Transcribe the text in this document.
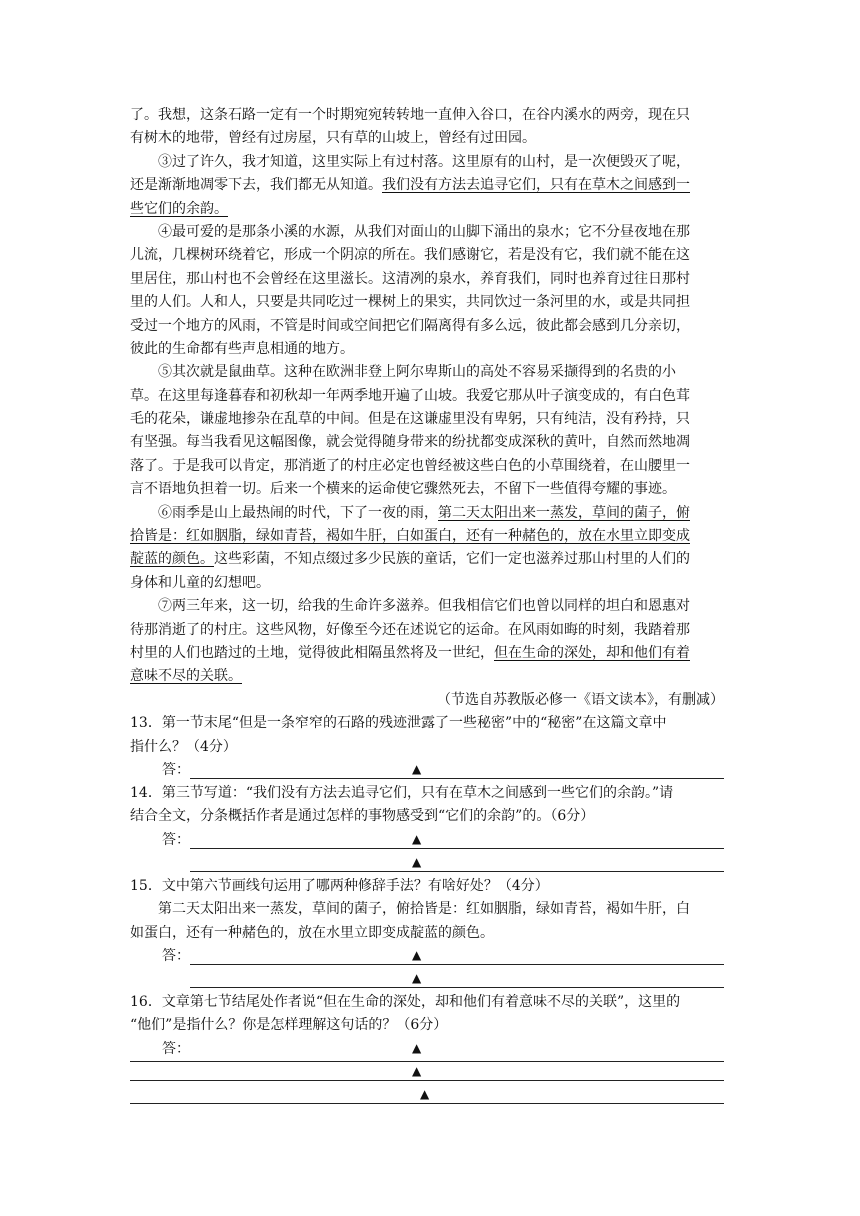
了。我想，这条石路一定有一个时期宛宛转转地一直伸入谷口，在谷内溪水的两旁，现在只
有树木的地带，曾经有过房屋，只有草的山坡上，曾经有过田园。
③过了许久，我才知道，这里实际上有过村落。这里原有的山村，是一次便毁灭了呢，
还是渐渐地凋零下去，我们都无从知道。我们没有方法去追寻它们，只有在草木之间感到一
些它们的余韵。
④最可爱的是那条小溪的水源，从我们对面山的山脚下涌出的泉水；它不分昼夜地在那
儿流，几棵树环绕着它，形成一个阴凉的所在。我们感谢它，若是没有它，我们就不能在这
里居住，那山村也不会曾经在这里滋长。这清冽的泉水，养育我们，同时也养育过往日那村
里的人们。人和人，只要是共同吃过一棵树上的果实，共同饮过一条河里的水，或是共同担
受过一个地方的风雨，不管是时间或空间把它们隔离得有多么远，彼此都会感到几分亲切，
彼此的生命都有些声息相通的地方。
⑤其次就是鼠曲草。这种在欧洲非登上阿尔卑斯山的高处不容易采撷得到的名贵的小
草。在这里每逢暮春和初秋却一年两季地开遍了山坡。我爱它那从叶子演变成的，有白色茸
毛的花朵，谦虚地掺杂在乱草的中间。但是在这谦虚里没有卑躬，只有纯洁，没有矜持，只
有坚强。每当我看见这幅图像，就会觉得随身带来的纷扰都变成深秋的黄叶，自然而然地凋
落了。于是我可以肯定，那消逝了的村庄必定也曾经被这些白色的小草围绕着，在山腰里一
言不语地负担着一切。后来一个横来的运命使它骤然死去，不留下一些值得夸耀的事迹。
⑥雨季是山上最热闹的时代，下了一夜的雨，第二天太阳出来一蒸发，草间的菌子，俯
拾皆是：红如胭脂，绿如青苔，褐如牛肝，白如蛋白，还有一种赭色的，放在水里立即变成
靛蓝的颜色。这些彩菌，不知点缀过多少民族的童话，它们一定也滋养过那山村里的人们的
身体和儿童的幻想吧。
⑦两三年来，这一切，给我的生命许多滋养。但我相信它们也曾以同样的坦白和恩惠对
待那消逝了的村庄。这些风物，好像至今还在述说它的运命。在风雨如晦的时刻，我踏着那
村里的人们也踏过的土地，觉得彼此相隔虽然将及一世纪，但在生命的深处，却和他们有着
意味不尽的关联。
（节选自苏教版必修一《语文读本》，有删减）
13．第一节末尾“但是一条窄窄的石路的残迹泄露了一些秘密”中的“秘密”在这篇文章中
指什么？（4分）
答：	▲
14．第三节写道：“我们没有方法去追寻它们，只有在草木之间感到一些它们的余韵。”请
结合全文，分条概括作者是通过怎样的事物感受到“它们的余韵”的。（6分）
答：	▲
▲
15．文中第六节画线句运用了哪两种修辞手法？有啥好处？（4分）
第二天太阳出来一蒸发，草间的菌子，俯拾皆是：红如胭脂，绿如青苔，褐如牛肝，白
如蛋白，还有一种赭色的，放在水里立即变成靛蓝的颜色。
答：	▲
▲
16．文章第七节结尾处作者说“但在生命的深处，却和他们有着意味不尽的关联”，这里的
“他们”是指什么？你是怎样理解这句话的？（6分）
答：	▲
▲
▲
